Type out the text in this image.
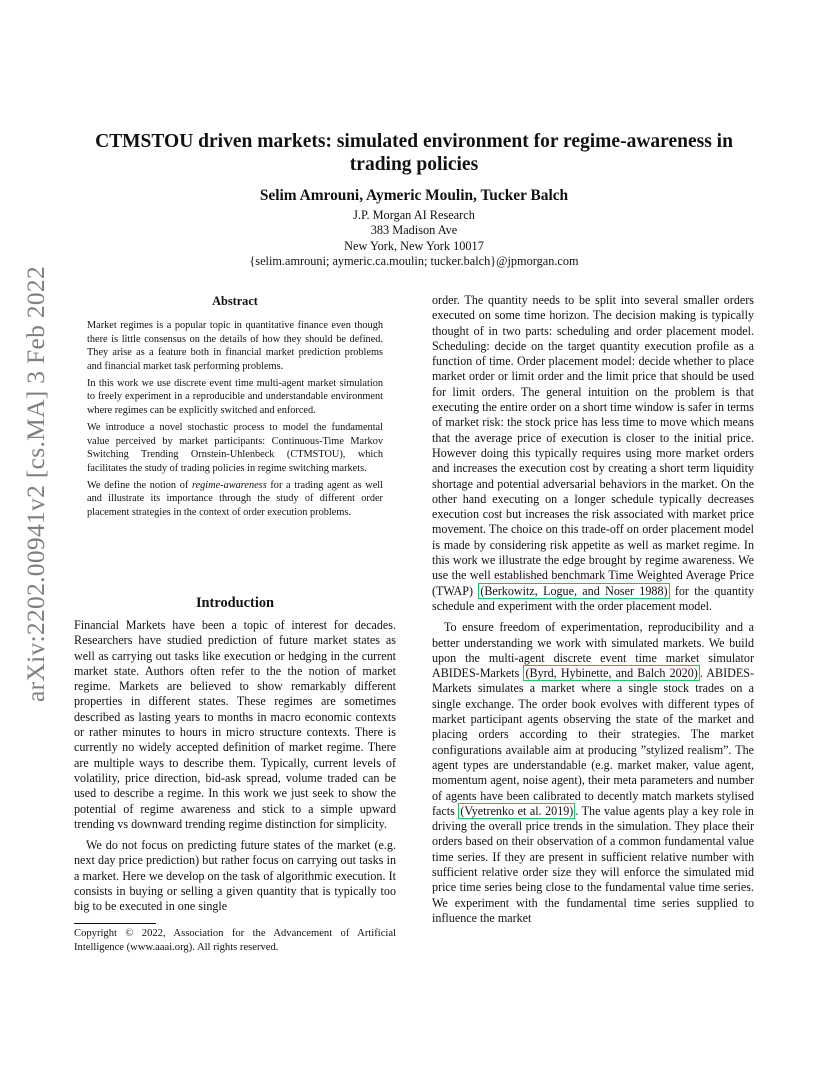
arXiv:2202.00941v2 [cs.MA] 3 Feb 2022
CTMSTOU driven markets: simulated environment for regime-awareness in
trading policies
Selim Amrouni, Aymeric Moulin, Tucker Balch
J.P. Morgan AI Research
383 Madison Ave
New York, New York 10017
{selim.amrouni; aymeric.ca.moulin; tucker.balch}@jpmorgan.com
Abstract

Market regimes is a popular topic in quantitative finance even though there is little consensus on the details of how they should be defined. They arise as a feature both in financial market prediction problems and financial market task performing problems.

In this work we use discrete event time multi-agent market simulation to freely experiment in a reproducible and understandable environment where regimes can be explicitly switched and enforced.

We introduce a novel stochastic process to model the fundamental value perceived by market participants: Continuous-Time Markov Switching Trending Ornstein-Uhlenbeck (CTMSTOU), which facilitates the study of trading policies in regime switching markets.

We define the notion of regime-awareness for a trading agent as well and illustrate its importance through the study of different order placement strategies in the context of order execution problems.

Introduction

Financial Markets have been a topic of interest for decades. Researchers have studied prediction of future market states as well as carrying out tasks like execution or hedging in the current market state. Authors often refer to the the notion of market regime. Markets are believed to show remarkably different properties in different states. These regimes are sometimes described as lasting years to months in macro economic contexts or rather minutes to hours in micro structure contexts. There is currently no widely accepted definition of market regime. There are multiple ways to describe them. Typically, current levels of volatility, price direction, bid-ask spread, volume traded can be used to describe a regime. In this work we just seek to show the potential of regime awareness and stick to a simple upward trending vs downward trending regime distinction for simplicity.

We do not focus on predicting future states of the market (e.g. next day price prediction) but rather focus on carrying out tasks in a market. Here we develop on the task of algorithmic execution. It consists in buying or selling a given quantity that is typically too big to be executed in one single

order. The quantity needs to be split into several smaller orders executed on some time horizon. The decision making is typically thought of in two parts: scheduling and order placement model. Scheduling: decide on the target quantity execution profile as a function of time. Order placement model: decide whether to place market order or limit order and the limit price that should be used for limit orders. The general intuition on the problem is that executing the entire order on a short time window is safer in terms of market risk: the stock price has less time to move which means that the average price of execution is closer to the initial price. However doing this typically requires using more market orders and increases the execution cost by creating a short term liquidity shortage and potential adversarial behaviors in the market. On the other hand executing on a longer schedule typically decreases execution cost but increases the risk associated with market price movement. The choice on this trade-off on order placement model is made by considering risk appetite as well as market regime. In this work we illustrate the edge brought by regime awareness. We use the well established benchmark Time Weighted Average Price (TWAP) (Berkowitz, Logue, and Noser 1988) for the quantity schedule and experiment with the order placement model.

To ensure freedom of experimentation, reproducibility and a better understanding we work with simulated markets. We build upon the multi-agent discrete event time market simulator ABIDES-Markets (Byrd, Hybinette, and Balch 2020) . ABIDES-Markets simulates a market where a single stock trades on a single exchange. The order book evolves with different types of market participant agents observing the state of the market and placing orders according to their strategies. The market configurations available aim at producing ”stylized realism”. The agent types are understandable (e.g. market maker, value agent, momentum agent, noise agent), their meta parameters and number of agents have been calibrated to decently match markets stylised facts (Vyetrenko et al. 2019) . The value agents play a key role in driving the overall price trends in the simulation. They place their orders based on their observation of a common fundamental value time series. If they are present in sufficient relative number with sufficient relative order size they will enforce the simulated mid price time series being close to the fundamental value time series. We experiment with the fundamental time series supplied to influence the market

Copyright © 2022, Association for the Advancement of Artificial Intelligence (www.aaai.org). All rights reserved.
